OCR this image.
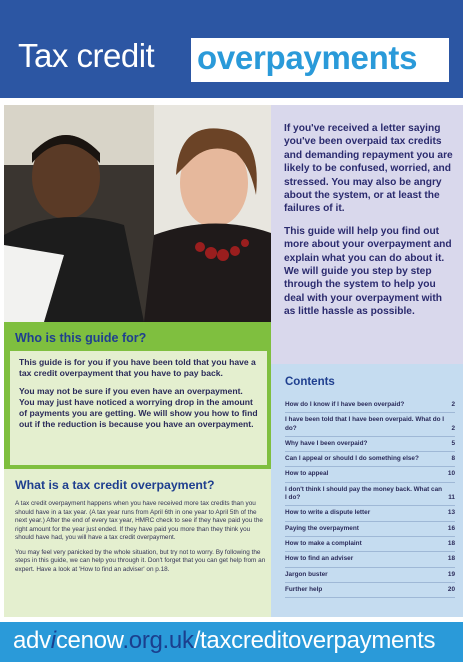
Tax credit overpayments

If you've received a letter saying you've been overpaid tax credits and demanding repayment you are likely to be confused, worried, and stressed. You may also be angry about the system, or at least the failures of it.

This guide will help you find out more about your overpayment and explain what you can do about it. We will guide you step by step through the system to help you deal with your overpayment with as little hassle as possible.

Who is this guide for?

This guide is for you if you have been told that you have a tax credit overpayment that you have to pay back.

You may not be sure if you even have an overpayment. You may just have noticed a worrying drop in the amount of payments you are getting. We will show you how to find out if the reduction is because you have an overpayment.

What is a tax credit overpayment?

A tax credit overpayment happens when you have received more tax credits than you should have in a tax year. (A tax year runs from April 6th in one year to April 5th of the next year.) After the end of every tax year, HMRC check to see if they have paid you the right amount for the year just ended. If they have paid you more than they think you should have had, you will have a tax credit overpayment.

You may feel very panicked by the whole situation, but try not to worry. By following the steps in this guide, we can help you through it. Don't forget that you can get help from an expert. Have a look at 'How to find an adviser' on p.18.

Contents
How do I know if I have been overpaid?	2
I have been told that I have been overpaid. What do I do?	2
Why have I been overpaid?	5
Can I appeal or should I do something else?	8
How to appeal	10
I don't think I should pay the money back. What can I do?	11
How to write a dispute letter	13
Paying the overpayment	16
How to make a complaint	18
How to find an adviser	18
Jargon buster	19
Further help	20
advicenow.org.uk/taxcreditoverpayments
